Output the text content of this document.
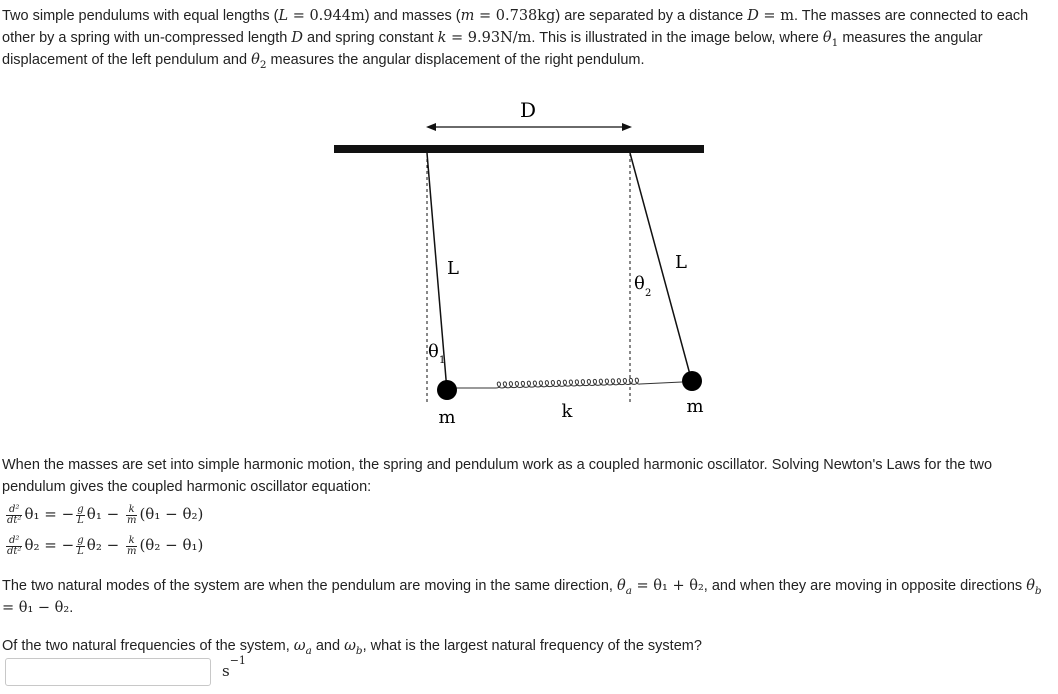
Two simple pendulums with equal lengths (L = 0.944m) and masses (m = 0.738kg) are separated by a distance D = m. The masses are connected to each other by a spring with un-compressed length D and spring constant k = 9.93N/m. This is illustrated in the image below, where $\theta_1$ measures the angular displacement of the left pendulum and $\theta_2$ measures the angular displacement of the right pendulum.

D
L	L
θ 1
θ 2
m
m
k

When the masses are set into simple harmonic motion, the spring and pendulum work as a coupled harmonic oscillator. Solving Newton's Laws for the two pendulum gives the coupled harmonic oscillator equation:

$\frac{\text{d²}}{\text{dt²}} \theta_1$ = − $\frac{g}{L} \theta_1 - \frac{k}{m} (\theta_1 - \theta_2)$
$\frac{\text{d²}}{\text{dt²}} \theta_2$ = − $\frac{g}{L} \theta_2 - \frac{k}{m} (\theta_2 - \theta_1)$

The two natural modes of the system are when the pendulum are moving in the same direction, $\theta_a = \theta_1 + \theta_2$, and when they are moving in opposite directions $\theta_b = \theta_1 - \theta_2$.

Of the two natural frequencies of the system, $\omega_a$ and $\omega_b$, what is the largest natural frequency of the system?

$s^{-1}$
